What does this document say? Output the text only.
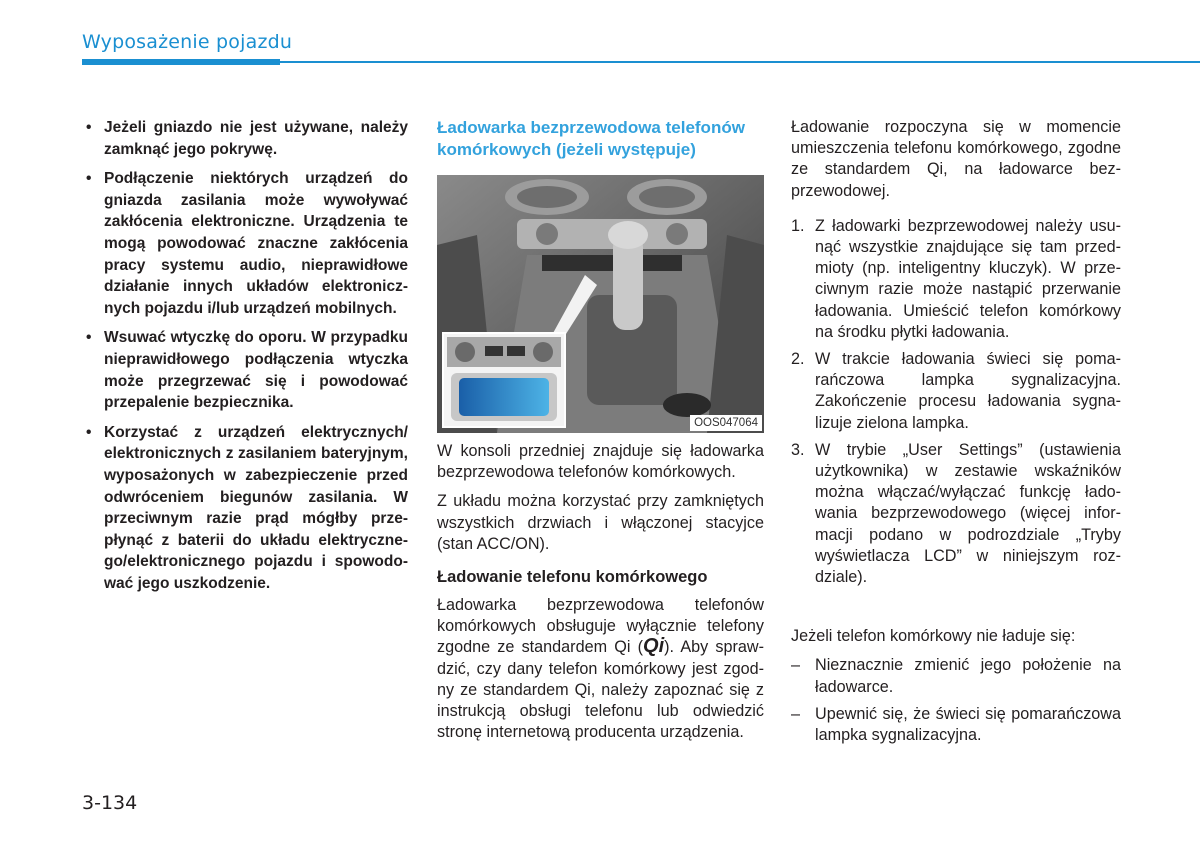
Wyposażenie pojazdu
• Jeżeli gniazdo nie jest używane, należy zamknąć jego pokrywę.
• Podłączenie niektórych urządzeń do gniazda zasilania może wywoływać zakłócenia elektroniczne. Urządzenia te mogą powodować znaczne zakłócenia pracy systemu audio, nieprawidłowe działanie innych układów elektronicznych pojazdu i/lub urządzeń mobilnych.
• Wsuwać wtyczkę do oporu. W przypadku nieprawidłowego podłączenia wtyczka może przegrzewać się i powodować przepalenie bezpiecznika.
• Korzystać z urządzeń elektrycznych/ elektronicznych z zasilaniem bateryjnym, wyposażonych w zabezpieczenie przed odwróceniem biegunów zasilania. W przeciwnym razie prąd mógłby przepłynąć z baterii do układu elektrycznego/elektronicznego pojazdu i spowodować jego uszkodzenie.
Ładowarka bezprzewodowa telefonów komórkowych (jeżeli występuje)
OOS047064

W konsoli przedniej znajduje się ładowarka bezprzewodowa telefonów komórkowych.

Z układu można korzystać przy zamkniętych wszystkich drzwiach i włączonej stacyjce (stan ACC/ON).

Ładowanie telefonu komórkowego

Ładowarka bezprzewodowa telefonów komórkowych obsługuje wyłącznie telefony zgodne ze standardem Qi (Qi). Aby sprawdzić, czy dany telefon komórkowy jest zgodny ze standardem Qi, należy zapoznać się z instrukcją obsługi telefonu lub odwiedzić stronę internetową producenta urządzenia.

Ładowanie rozpoczyna się w momencie umieszczenia telefonu komórkowego, zgodne ze standardem Qi, na ładowarce bezprzewodowej.

1. Z ładowarki bezprzewodowej należy usunąć wszystkie znajdujące się tam przedmioty (np. inteligentny kluczyk). W przeciwnym razie może nastąpić przerwanie ładowania. Umieścić telefon komórkowy na środku płytki ładowania.
2. W trakcie ładowania świeci się pomarańczowa lampka sygnalizacyjna. Zakończenie procesu ładowania sygnalizuje zielona lampka.
3. W trybie „User Settings” (ustawienia użytkownika) w zestawie wskaźników można włączać/wyłączać funkcję ładowania bezprzewodowego (więcej informacji podano w podrozdziale „Tryby wyświetlacza LCD” w niniejszym rozdziale).

Jeżeli telefon komórkowy nie ładuje się:

– Nieznacznie zmienić jego położenie na ładowarce.
– Upewnić się, że świeci się pomarańczowa lampka sygnalizacyjna.
3-134
